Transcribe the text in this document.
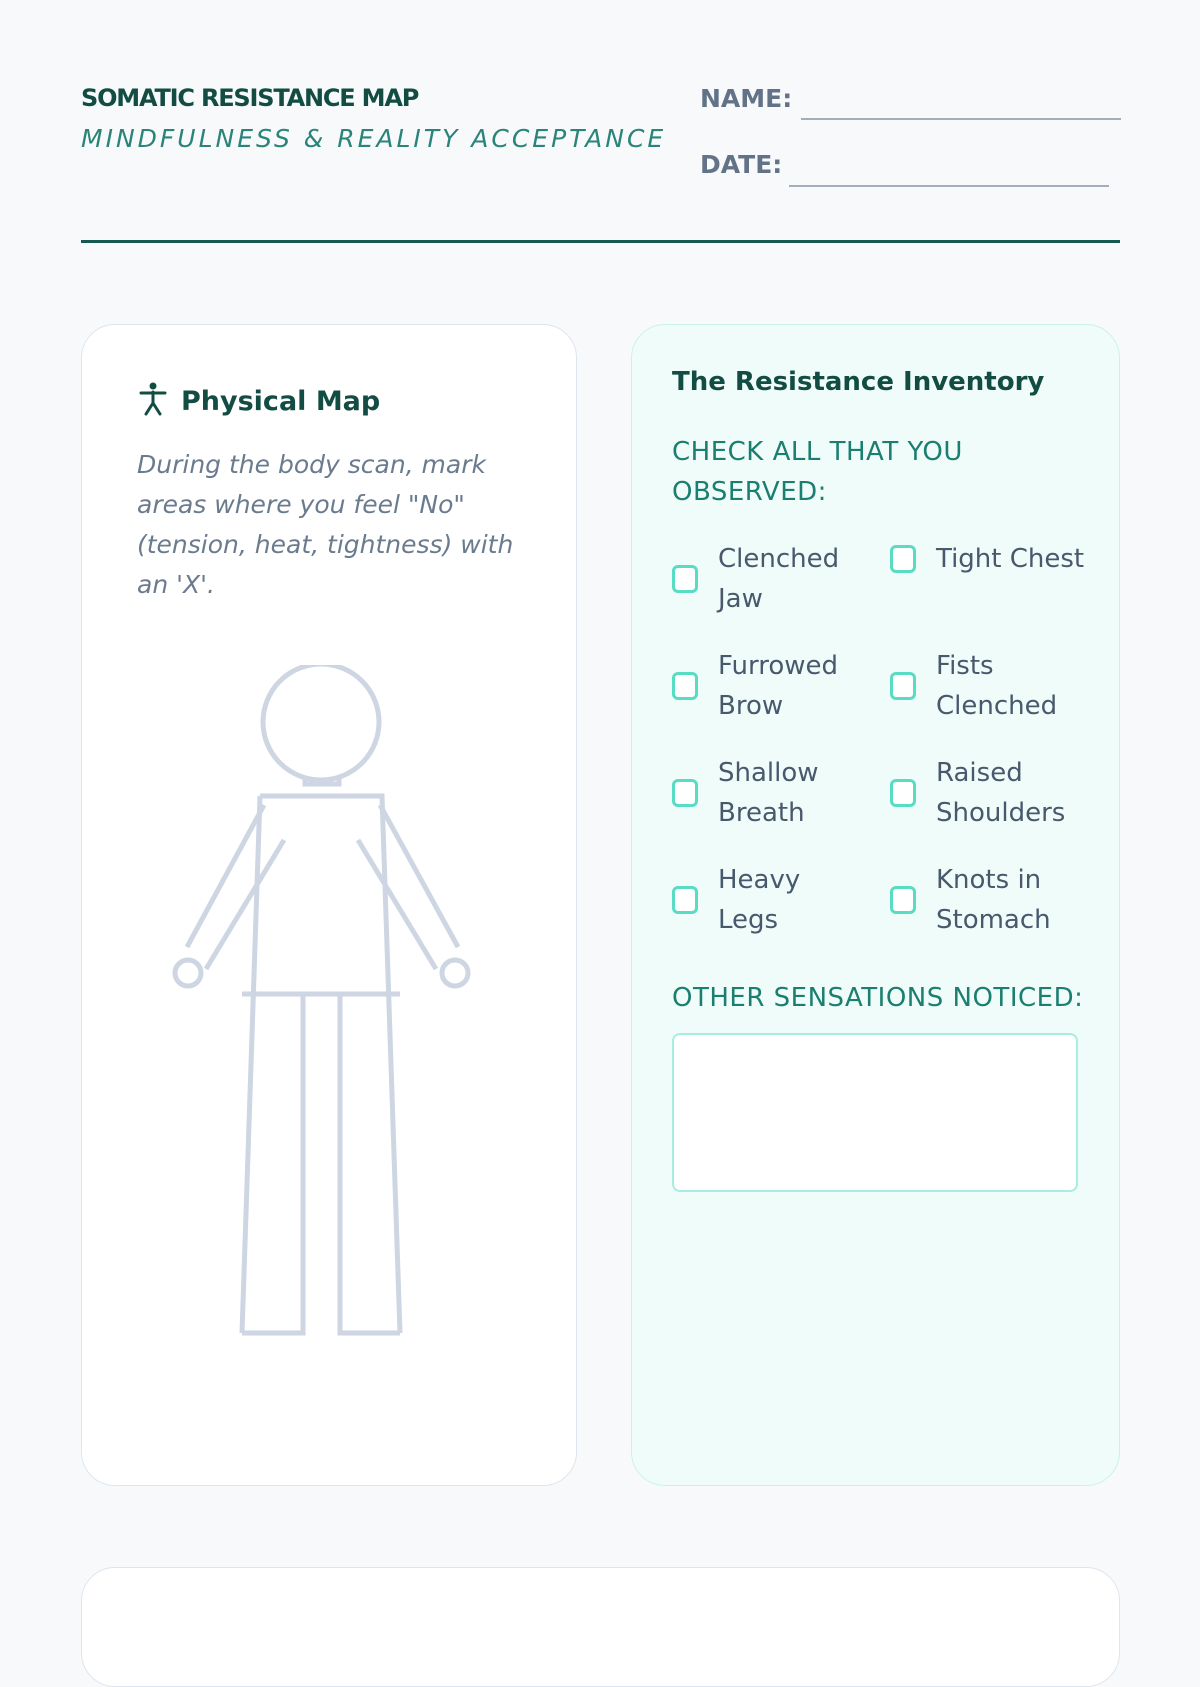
SOMATIC RESISTANCE MAP
MINDFULNESS & REALITY ACCEPTANCE
NAME:
DATE:
Physical Map
During the body scan, mark areas where you feel "No" (tension, heat, tightness) with an 'X'.
The Resistance Inventory
CHECK ALL THAT YOU OBSERVED:
Clenched Jaw
Tight Chest
Furrowed Brow
Fists Clenched
Shallow Breath
Raised Shoulders
Heavy Legs
Knots in Stomach
OTHER SENSATIONS NOTICED:
